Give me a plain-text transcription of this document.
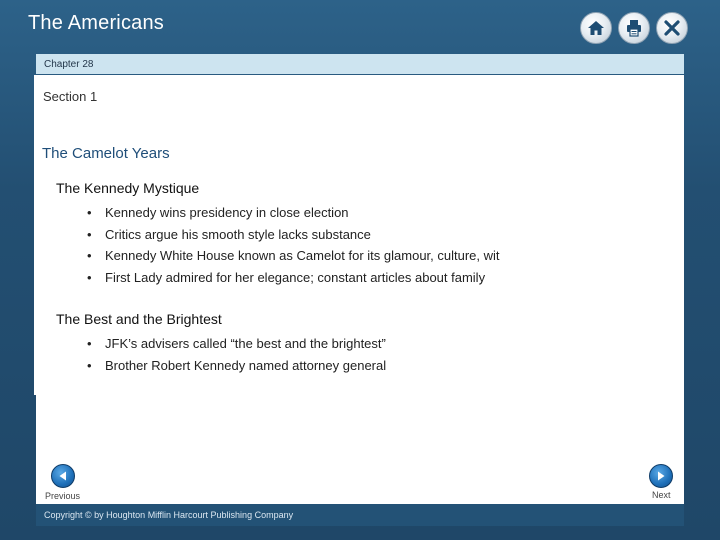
The Americans
Chapter 28
Section 1
The Camelot Years
The Kennedy Mystique
• Kennedy wins presidency in close election
• Critics argue his smooth style lacks substance
• Kennedy White House known as Camelot for its glamour, culture, wit
• First Lady admired for her elegance; constant articles about family
The Best and the Brightest
• JFK’s advisers called “the best and the brightest”
• Brother Robert Kennedy named attorney general
Previous	Next
Copyright © by Houghton Mifflin Harcourt Publishing Company
